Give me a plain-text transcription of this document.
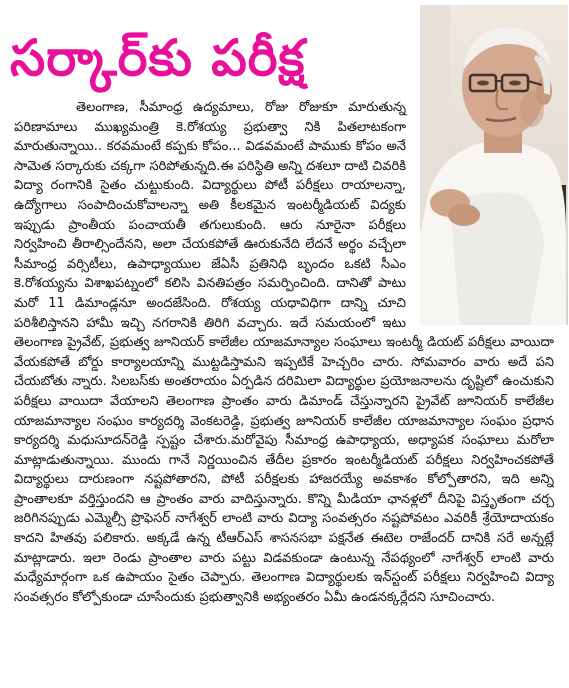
సర్కార్‌కు పరీక్ష

తెలంగాణ, సీమాంధ్ర ఉద్యమాలు, రోజు రోజుకూ మారుతున్న పరిణామాలు ముఖ్యమంత్రి కె.రోశయ్య ప్రభుత్వా నికి పితలాటకంగా మారుతున్నాయి.. కరవమంటే కప్పకు కోపం... విడవమంటే పాముకు కోపం అనే సామెత సర్కారుకు చక్కగా సరిపోతున్నది.ఈ పరిస్థితి అన్ని దశలూ దాటి చివరికి విద్యా రంగానికి సైతం చుట్టుకుంది. విద్యార్థులు పోటీ పరీక్షలు రాయాలన్నా, ఉద్యోగాలు సంపాదించుకోవాలన్నా అతి కీలకమైన ఇంటర్మీడియట్‌ విద్యకు ఇప్పుడు ప్రాంతీయ పంచాయతీ తగులుకుంది. ఆరు నూరైనా పరీక్షలు నిర్వహించి తీరాల్సిందేనని, అలా చేయకపోతే ఊరుకునేది లేదనే అర్థం వచ్చేలా సీమాంధ్ర వర్సిటీలు, ఉపాధ్యాయుల జేఏసీ ప్రతినిధి బృందం ఒకటి సీఎం కె.రోశయ్యను విశాఖపట్నంలో కలిసి వినతిపత్రం సమర్పించింది. దానితో పాటు మరో 11 డిమాండ్లనూ అందజేసింది. రోశయ్య యధావిధిగా దాన్ని చూచి పరిశీలిస్తానని హామీ ఇచ్చి నగరానికి తిరిగి వచ్చారు. ఇదే సమయంలో ఇటు తెలంగాణ ప్రైవేట్‌, ప్రభుత్వ జూనియర్‌ కాలేజీల యాజమాన్యాల సంఘాలు ఇంటర్మీ డియట్‌ పరీక్షలు వాయిదా వేయకపోతే బోర్డు కార్యాలయాన్ని ముట్టడిస్తామని ఇప్పటికే హెచ్చరిం చారు. సోమవారం వారు అదే పని చేయబోతు న్నారు. సిలబస్‌కు అంతరాయం ఏర్పడిన దరిమిలా విద్యార్థుల ప్రయోజనాలను దృష్టిలో ఉంచుకుని పరీక్షలు వాయిదా వేయాలని తెలంగాణ ప్రాంతం వారు డిమాండ్‌ చేస్తున్నారని ప్రైవేట్‌ జూనియర్‌ కాలేజీల యాజమాన్యాల సంఘం కార్యదర్శి వెంకటరెడ్డి, ప్రభుత్వ జూనియర్‌ కాలేజీల యాజమాన్యాల సంఘం ప్రధాన కార్యదర్శి మధుసూదన్‌రెడ్డి స్పష్టం చేశారు.మరోవైపు సీమాంధ్ర ఉపాధ్యాయ, అధ్యాపక సంఘాలు మరోలా మాట్లాడుతున్నాయి. ముందు గానే నిర్ణయించిన తేదీల ప్రకారం ఇంటర్మీడియట్‌ పరీక్షలు నిర్వహించకపోతే విద్యార్థులు దారుణంగా నష్టపోతారని, పోటీ పరీక్షలకు హాజరయ్యే అవకాశం కోల్పోతారని, ఇది అన్ని ప్రాంతాలకూ వర్తిస్తుందని ఆ ప్రాంతం వారు వాదిస్తున్నారు. కొన్ని మీడియా ఛానళ్లలో దీనిపై విస్తృతంగా చర్చ జరిగినప్పుడు ఎమ్మెల్సీ ప్రొఫెసర్‌ నాగేశ్వర్‌ లాంటి వారు విద్యా సంవత్సరం నష్టపోవటం ఎవరికీ శ్రేయోదాయకం కాదని హితవు పలికారు. అక్కడే ఉన్న టీఆర్‌ఎస్‌ శాసనసభా పక్షనేత ఈటెల రాజేందర్‌ దానికి సరే అన్నట్లే మాట్లాడారు. ఇలా రెండు ప్రాంతాల వారు పట్టు విడవకుండా ఉంటున్న నేపథ్యంలో నాగేశ్వర్‌ లాంటి వారు మధ్యేమార్గంగా ఒక ఉపాయం సైతం చెప్పారు. తెలంగాణ విద్యార్థులకు ఇన్‌స్టంట్‌ పరీక్షలు నిర్వహించి విద్యా సంవత్సరం కోల్పోకుండా చూసేందుకు ప్రభుత్వానికి అభ్యంతరం ఏమీ ఉండనక్కర్లేదని సూచించారు.
